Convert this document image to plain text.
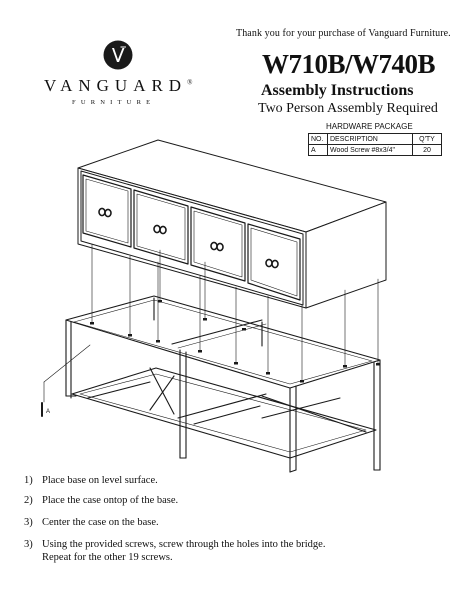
Thank you for your purchase of Vanguard Furniture.
VANGUARD®
FURNITURE
W710B/W740B
Assembly Instructions
Two Person Assembly Required
HARDWARE PACKAGE
NO.	DESCRIPTION	Q'TY
A	Wood Screw #8x3/4"	20
A
1) Place base on level surface.
2) Place the case ontop of the base.
3) Center the case on the base.
3) Using the provided screws, screw through the holes into the bridge.
Repeat for the other 19 screws.
